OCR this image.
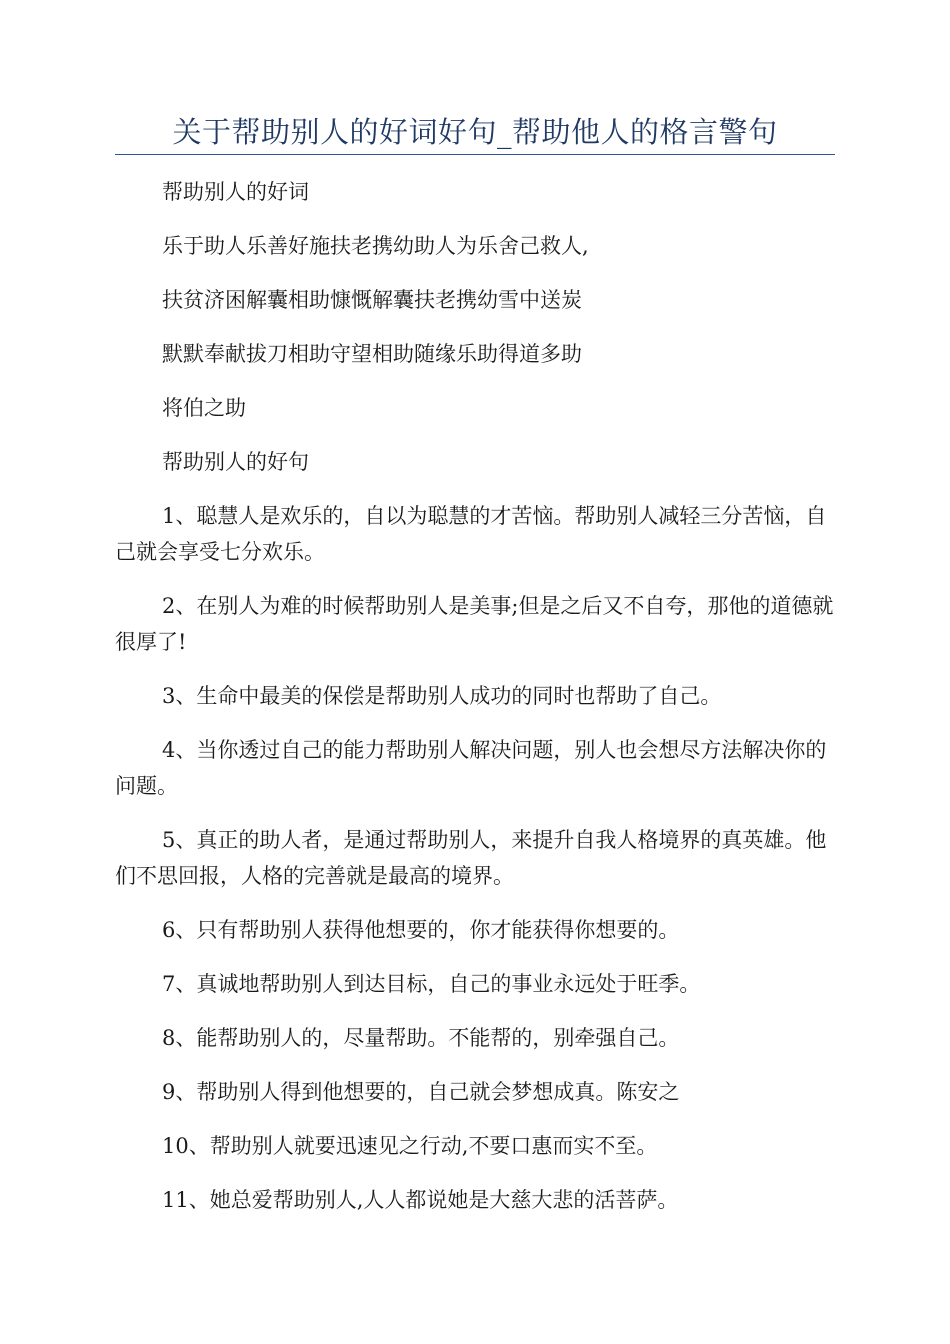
关于帮助别人的好词好句_帮助他人的格言警句

帮助别人的好词

乐于助人乐善好施扶老携幼助人为乐舍己救人,

扶贫济困解囊相助慷慨解囊扶老携幼雪中送炭

默默奉献拔刀相助守望相助随缘乐助得道多助

将伯之助

帮助别人的好句

1、聪慧人是欢乐的，自以为聪慧的才苦恼。帮助别人减轻三分苦恼，自己就会享受七分欢乐。

2、在别人为难的时候帮助别人是美事;但是之后又不自夸，那他的道德就很厚了!

3、生命中最美的保偿是帮助别人成功的同时也帮助了自己。

4、当你透过自己的能力帮助别人解决问题，别人也会想尽方法解决你的问题。

5、真正的助人者，是通过帮助别人，来提升自我人格境界的真英雄。他们不思回报，人格的完善就是最高的境界。

6、只有帮助别人获得他想要的，你才能获得你想要的。

7、真诚地帮助别人到达目标，自己的事业永远处于旺季。

8、能帮助别人的，尽量帮助。不能帮的，别牵强自己。

9、帮助别人得到他想要的，自己就会梦想成真。陈安之

10、帮助别人就要迅速见之行动,不要口惠而实不至。

11、她总爱帮助别人,人人都说她是大慈大悲的活菩萨。
